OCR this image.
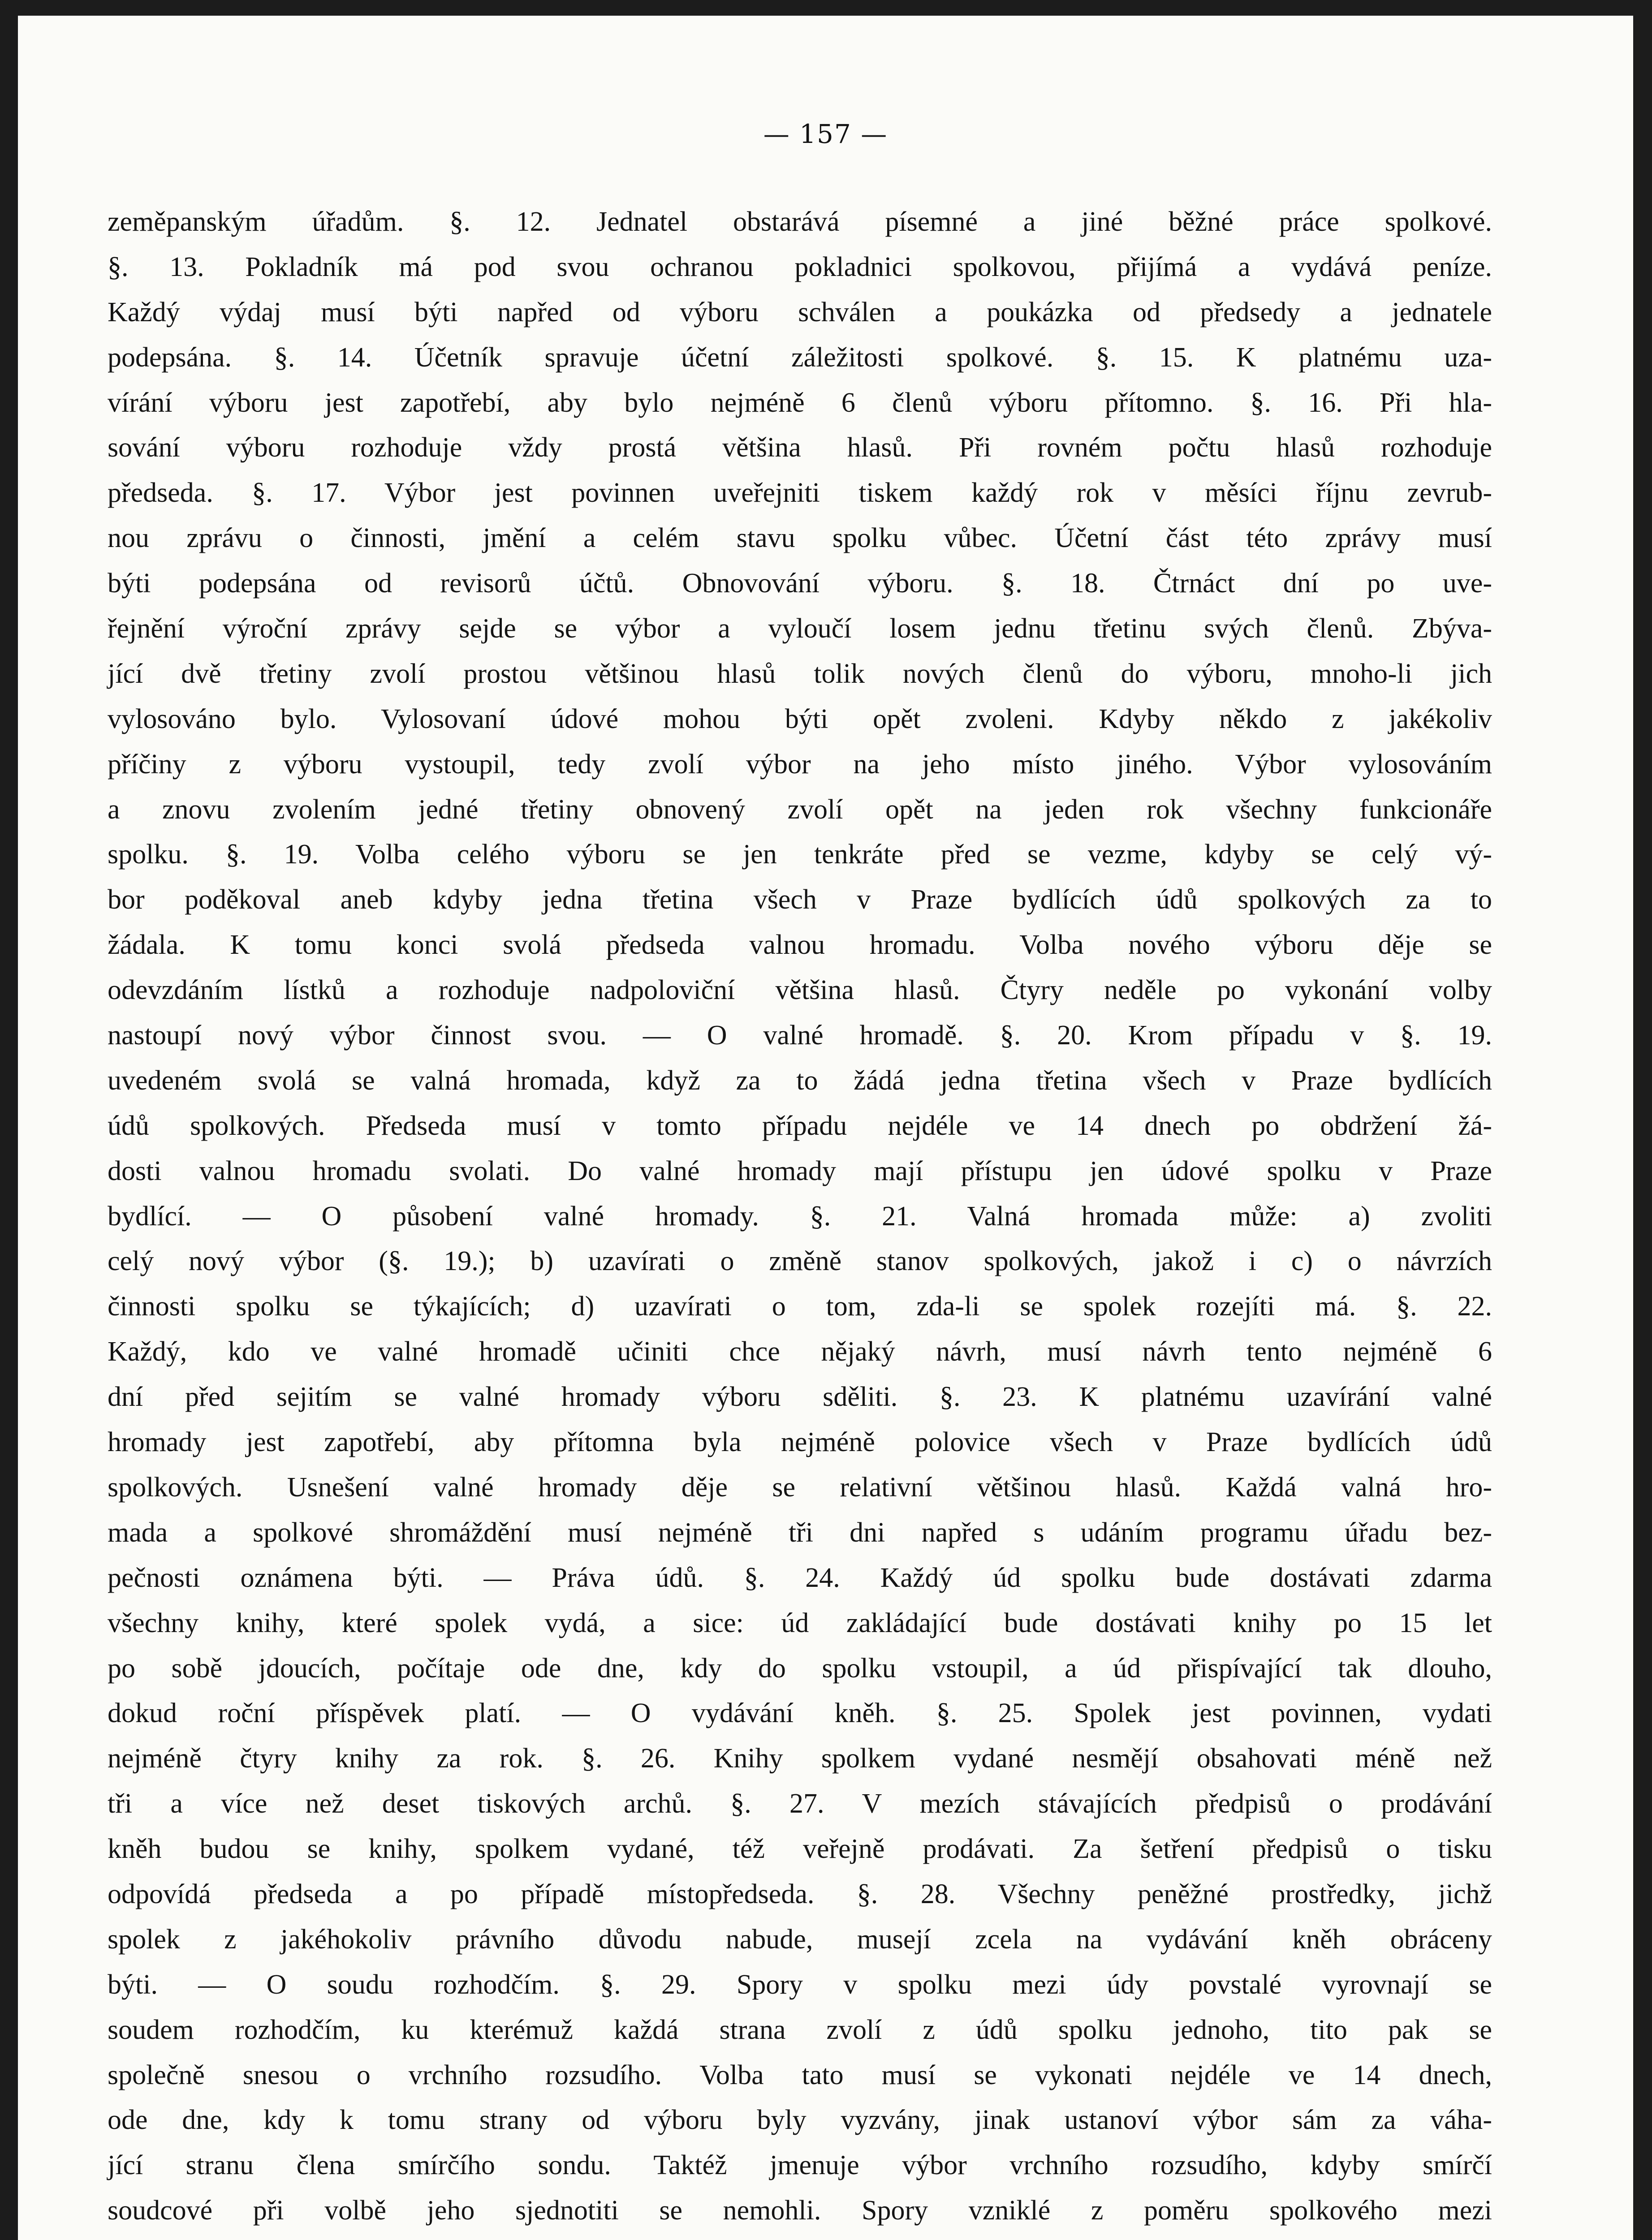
— 157 —
zeměpanským úřadům. §. 12. Jednatel obstarává písemné a jiné běžné práce spolkové.
§. 13. Pokladník má pod svou ochranou pokladnici spolkovou, přijímá a vydává peníze.
Každý výdaj musí býti napřed od výboru schválen a poukázka od předsedy a jednatele
podepsána. §. 14. Účetník spravuje účetní záležitosti spolkové. §. 15. K platnému uza-
vírání výboru jest zapotřebí, aby bylo nejméně 6 členů výboru přítomno. §. 16. Při hla-
sování výboru rozhoduje vždy prostá většina hlasů. Při rovném počtu hlasů rozhoduje
předseda. §. 17. Výbor jest povinnen uveřejniti tiskem každý rok v měsíci říjnu zevrub-
nou zprávu o činnosti, jmění a celém stavu spolku vůbec. Účetní část této zprávy musí
býti podepsána od revisorů účtů. Obnovování výboru. §. 18. Čtrnáct dní po uve-
řejnění výroční zprávy sejde se výbor a vyloučí losem jednu třetinu svých členů. Zbýva-
jící dvě třetiny zvolí prostou většinou hlasů tolik nových členů do výboru, mnoho-li jich
vylosováno bylo. Vylosovaní údové mohou býti opět zvoleni. Kdyby někdo z jakékoliv
příčiny z výboru vystoupil, tedy zvolí výbor na jeho místo jiného. Výbor vylosováním
a znovu zvolením jedné třetiny obnovený zvolí opět na jeden rok všechny funkcionáře
spolku. §. 19. Volba celého výboru se jen tenkráte před se vezme, kdyby se celý vý-
bor poděkoval aneb kdyby jedna třetina všech v Praze bydlících údů spolkových za to
žádala. K tomu konci svolá předseda valnou hromadu. Volba nového výboru děje se
odevzdáním lístků a rozhoduje nadpoloviční většina hlasů. Čtyry neděle po vykonání volby
nastoupí nový výbor činnost svou. — O valné hromadě. §. 20. Krom případu v §. 19.
uvedeném svolá se valná hromada, když za to žádá jedna třetina všech v Praze bydlících
údů spolkových. Předseda musí v tomto případu nejdéle ve 14 dnech po obdržení žá-
dosti valnou hromadu svolati. Do valné hromady mají přístupu jen údové spolku v Praze
bydlící. — O působení valné hromady. §. 21. Valná hromada může: a) zvoliti
celý nový výbor (§. 19.); b) uzavírati o změně stanov spolkových, jakož i c) o návrzích
činnosti spolku se týkajících; d) uzavírati o tom, zda-li se spolek rozejíti má. §. 22.
Každý, kdo ve valné hromadě učiniti chce nějaký návrh, musí návrh tento nejméně 6
dní před sejitím se valné hromady výboru sděliti. §. 23. K platnému uzavírání valné
hromady jest zapotřebí, aby přítomna byla nejméně polovice všech v Praze bydlících údů
spolkových. Usnešení valné hromady děje se relativní většinou hlasů. Každá valná hro-
mada a spolkové shromáždění musí nejméně tři dni napřed s udáním programu úřadu bez-
pečnosti oznámena býti. — Práva údů. §. 24. Každý úd spolku bude dostávati zdarma
všechny knihy, které spolek vydá, a sice: úd zakládající bude dostávati knihy po 15 let
po sobě jdoucích, počítaje ode dne, kdy do spolku vstoupil, a úd přispívající tak dlouho,
dokud roční příspěvek platí. — O vydávání kněh. §. 25. Spolek jest povinnen, vydati
nejméně čtyry knihy za rok. §. 26. Knihy spolkem vydané nesmějí obsahovati méně než
tři a více než deset tiskových archů. §. 27. V mezích stávajících předpisů o prodávání
kněh budou se knihy, spolkem vydané, též veřejně prodávati. Za šetření předpisů o tisku
odpovídá předseda a po případě místopředseda. §. 28. Všechny peněžné prostředky, jichž
spolek z jakéhokoliv právního důvodu nabude, musejí zcela na vydávání kněh obráceny
býti. — O soudu rozhodčím. §. 29. Spory v spolku mezi údy povstalé vyrovnají se
soudem rozhodčím, ku kterémuž každá strana zvolí z údů spolku jednoho, tito pak se
společně snesou o vrchního rozsudího. Volba tato musí se vykonati nejdéle ve 14 dnech,
ode dne, kdy k tomu strany od výboru byly vyzvány, jinak ustanoví výbor sám za váha-
jící stranu člena smírčího sondu. Taktéž jmenuje výbor vrchního rozsudího, kdyby smírčí
soudcové při volbě jeho sjednotiti se nemohli. Spory vzniklé z poměru spolkového mezi
